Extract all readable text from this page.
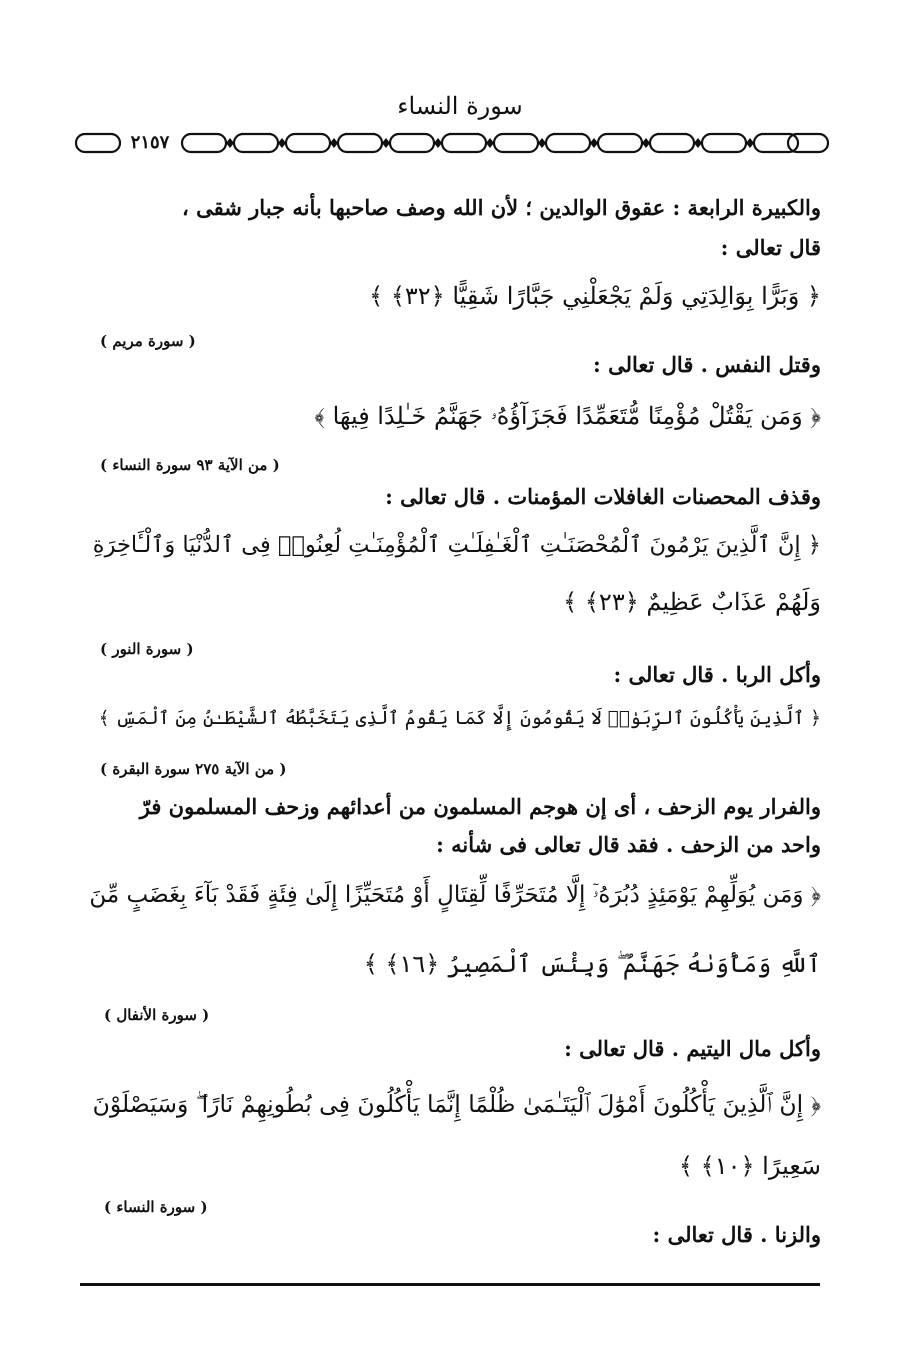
سورة النساء
٢١٥٧
والكبيرة الرابعة : عقوق الوالدين ؛ لأن الله وصف صاحبها بأنه جبار شقى ،
قال تعالى :
﴿ وَبَرًّا بِوَالِدَتِي وَلَمْ يَجْعَلْنِي جَبَّارًا شَقِيًّا ﴿٣٢﴾ ﴾
( سورة مريم )
وقتل النفس . قال تعالى :
﴿ وَمَن يَقْتُلْ مُؤْمِنًا مُّتَعَمِّدًا فَجَزَآؤُهُۥ جَهَنَّمُ خَـٰلِدًا فِيهَا ﴾
( من الآية ٩٣ سورة النساء )
وقذف المحصنات الغافلات المؤمنات . قال تعالى :
﴿ إِنَّ ٱلَّذِينَ يَرْمُونَ ٱلْمُحْصَنَـٰتِ ٱلْغَـٰفِلَـٰتِ ٱلْمُؤْمِنَـٰتِ لُعِنُوا۟ فِى ٱلدُّنْيَا وَٱلْـَٔاخِرَةِ
وَلَهُمْ عَذَابٌ عَظِيمٌ ﴿٢٣﴾ ﴾
( سورة النور )
وأكل الربا . قال تعالى :
﴿ ٱلَّذِينَ يَأْكُلُونَ ٱلرِّبَوٰا۟ لَا يَقُومُونَ إِلَّا كَمَا يَقُومُ ٱلَّذِى يَتَخَبَّطُهُ ٱلشَّيْطَـٰنُ مِنَ ٱلْمَسِّ ﴾
( من الآية ٢٧٥ سورة البقرة )
والفرار يوم الزحف ، أى إن هوجم المسلمون من أعدائهم وزحف المسلمون فرّ
واحد من الزحف . فقد قال تعالى فى شأنه :
﴿ وَمَن يُوَلِّهِمْ يَوْمَئِذٍ دُبُرَهُۥٓ إِلَّا مُتَحَرِّفًا لِّقِتَالٍ أَوْ مُتَحَيِّزًا إِلَىٰ فِئَةٍ فَقَدْ بَآءَ بِغَضَبٍ مِّنَ
ٱللَّهِ وَمَأْوَىٰهُ جَهَنَّمُ ۖ وَبِئْسَ ٱلْمَصِيرُ ﴿١٦﴾ ﴾
( سورة الأنفال )
وأكل مال اليتيم . قال تعالى :
﴿ إِنَّ ٱلَّذِينَ يَأْكُلُونَ أَمْوَٰلَ ٱلْيَتَـٰمَىٰ ظُلْمًا إِنَّمَا يَأْكُلُونَ فِى بُطُونِهِمْ نَارًا ۖ وَسَيَصْلَوْنَ
سَعِيرًا ﴿١٠﴾ ﴾
( سورة النساء )
والزنا . قال تعالى :
